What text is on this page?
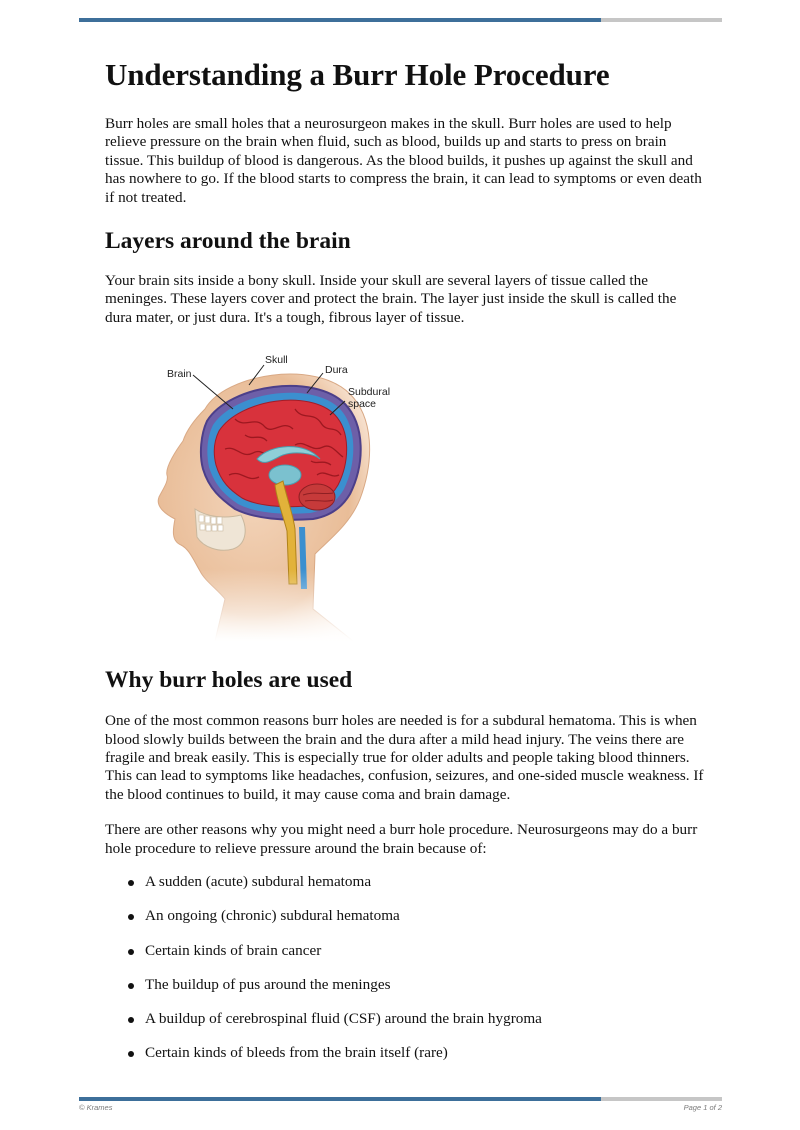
Understanding a Burr Hole Procedure

Burr holes are small holes that a neurosurgeon makes in the skull. Burr holes are used to help relieve pressure on the brain when fluid, such as blood, builds up and starts to press on brain tissue. This buildup of blood is dangerous. As the blood builds, it pushes up against the skull and has nowhere to go. If the blood starts to compress the brain, it can lead to symptoms or even death if not treated.

Layers around the brain

Your brain sits inside a bony skull. Inside your skull are several layers of tissue called the meninges. These layers cover and protect the brain. The layer just inside the skull is called the dura mater, or just dura. It's a tough, fibrous layer of tissue.

Brain
Skull
Dura
Subdural
space
Why burr holes are used

One of the most common reasons burr holes are needed is for a subdural hematoma. This is when blood slowly builds between the brain and the dura after a mild head injury. The veins there are fragile and break easily. This is especially true for older adults and people taking blood thinners. This can lead to symptoms like headaches, confusion, seizures, and one-sided muscle weakness. If the blood continues to build, it may cause coma and brain damage.

There are other reasons why you might need a burr hole procedure. Neurosurgeons may do a burr hole procedure to relieve pressure around the brain because of:

A sudden (acute) subdural hematoma
An ongoing (chronic) subdural hematoma
Certain kinds of brain cancer
The buildup of pus around the meninges
A buildup of cerebrospinal fluid (CSF) around the brain hygroma
Certain kinds of bleeds from the brain itself (rare)
© Krames	Page 1 of 2
